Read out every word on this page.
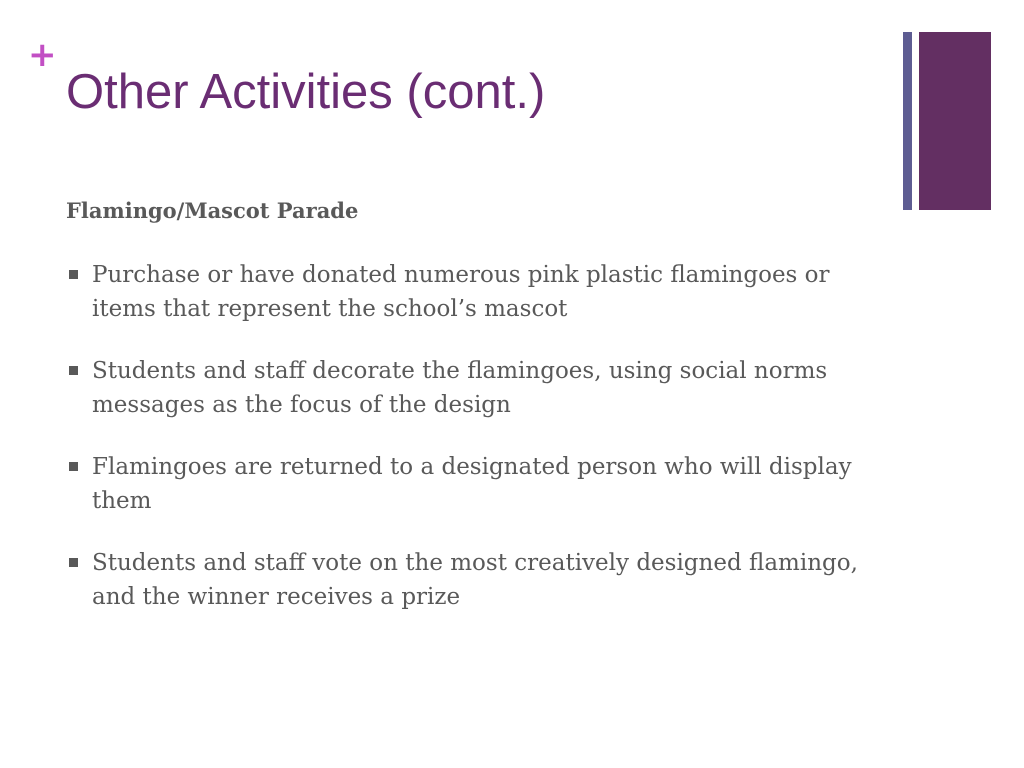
+
Other Activities (cont.)
Flamingo/Mascot Parade
Purchase or have donated numerous pink plastic flamingoes or items that represent the school’s mascot
Students and staff decorate the flamingoes, using social norms messages as the focus of the design
Flamingoes are returned to a designated person who will display them
Students and staff vote on the most creatively designed flamingo, and the winner receives a prize
